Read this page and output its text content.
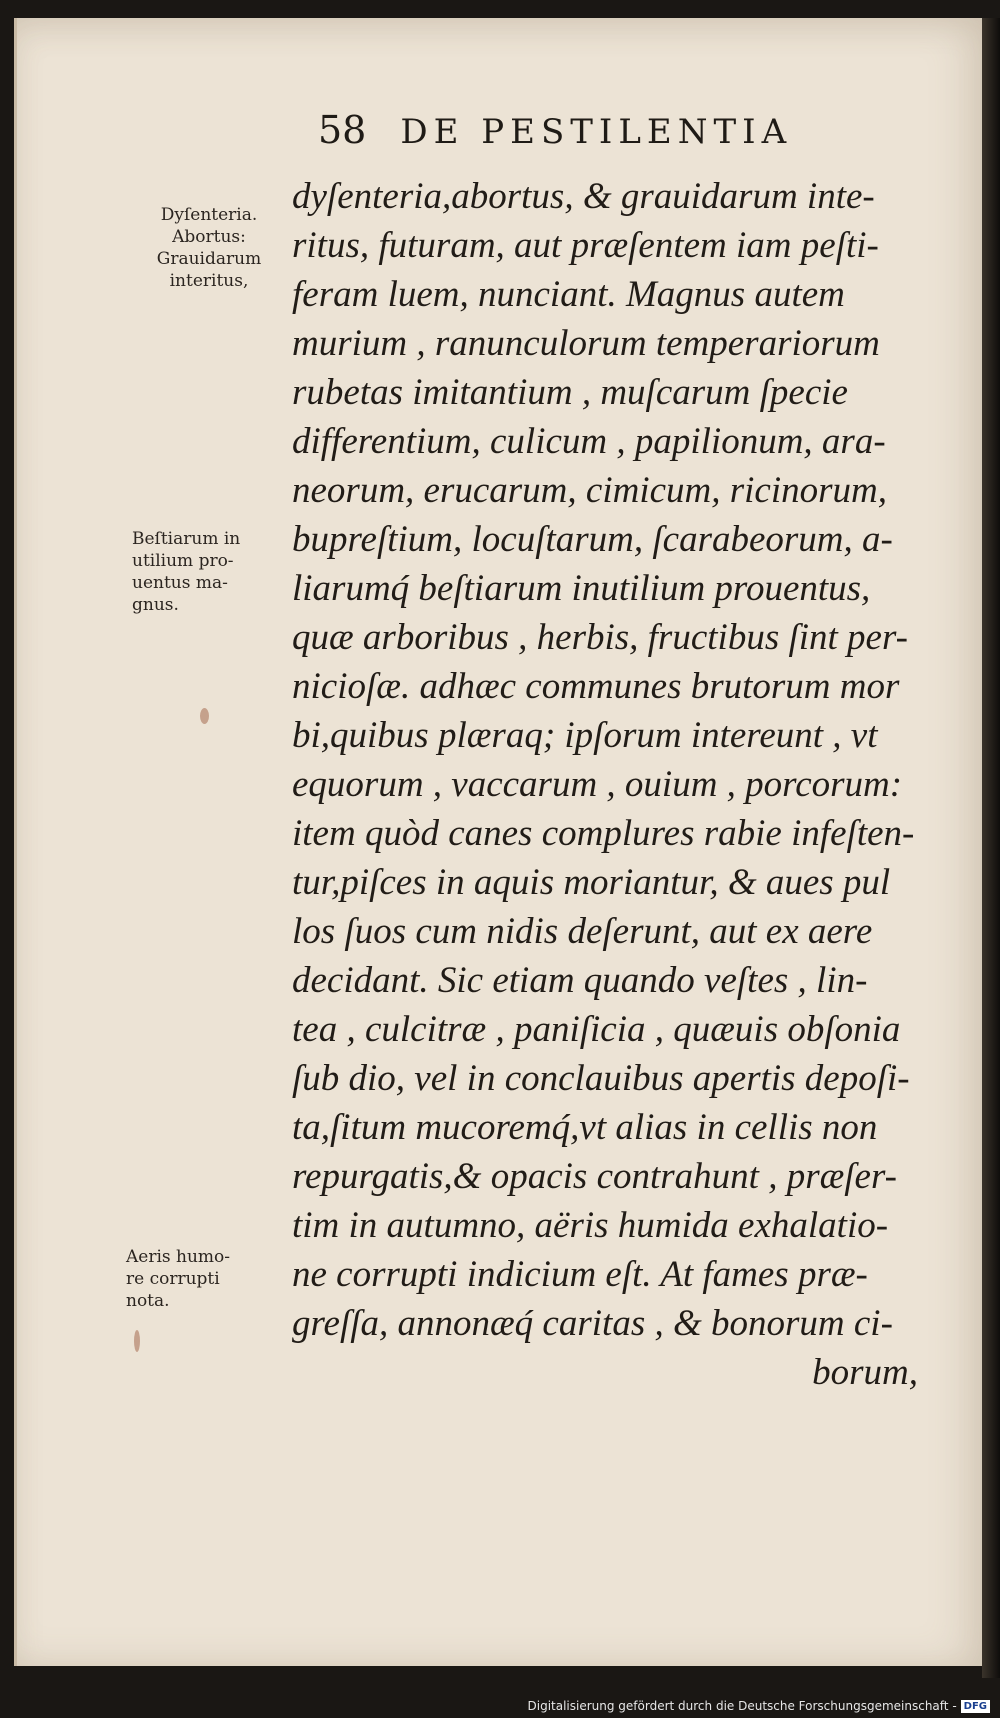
58 DE PESTILENTIA
Dyſenteria.
Abortus:
Grauidarum
interitus,
Beſtiarum in
utilium pro-
uentus ma-
gnus.
Aeris humo-
re corrupti
nota.
dyſenteria,abortus, & grauidarum inte-
ritus, futuram, aut præſentem iam peſti-
feram luem, nunciant. Magnus autem
murium , ranunculorum temperariorum
rubetas imitantium , muſcarum ſpecie
differentium, culicum , papilionum, ara-
neorum, erucarum, cimicum, ricinorum,
bupreſtium, locuſtarum, ſcarabeorum, a-
liarumq́ beſtiarum inutilium prouentus,
quæ arboribus , herbis, fructibus ſint per-
nicioſæ. adhæc communes brutorum mor
bi,quibus plæraq; ipſorum intereunt , vt
equorum , vaccarum , ouium , porcorum:
item quòd canes complures rabie infeſten-
tur,piſces in aquis moriantur, & aues pul
los ſuos cum nidis deſerunt, aut ex aere
decidant. Sic etiam quando veſtes , lin-
tea , culcitræ , paniſicia , quæuis obſonia
ſub dio, vel in conclauibus apertis depoſi-
ta,ſitum mucoremq́,vt alias in cellis non
repurgatis,& opacis contrahunt , præſer-
tim in autumno, aëris humida exhalatio-
ne corrupti indicium eſt. At fames præ-
greſſa, annonæq́ caritas , & bonorum ci-
borum,
Digitalisierung gefördert durch die Deutsche Forschungsgemeinschaft - DFG
